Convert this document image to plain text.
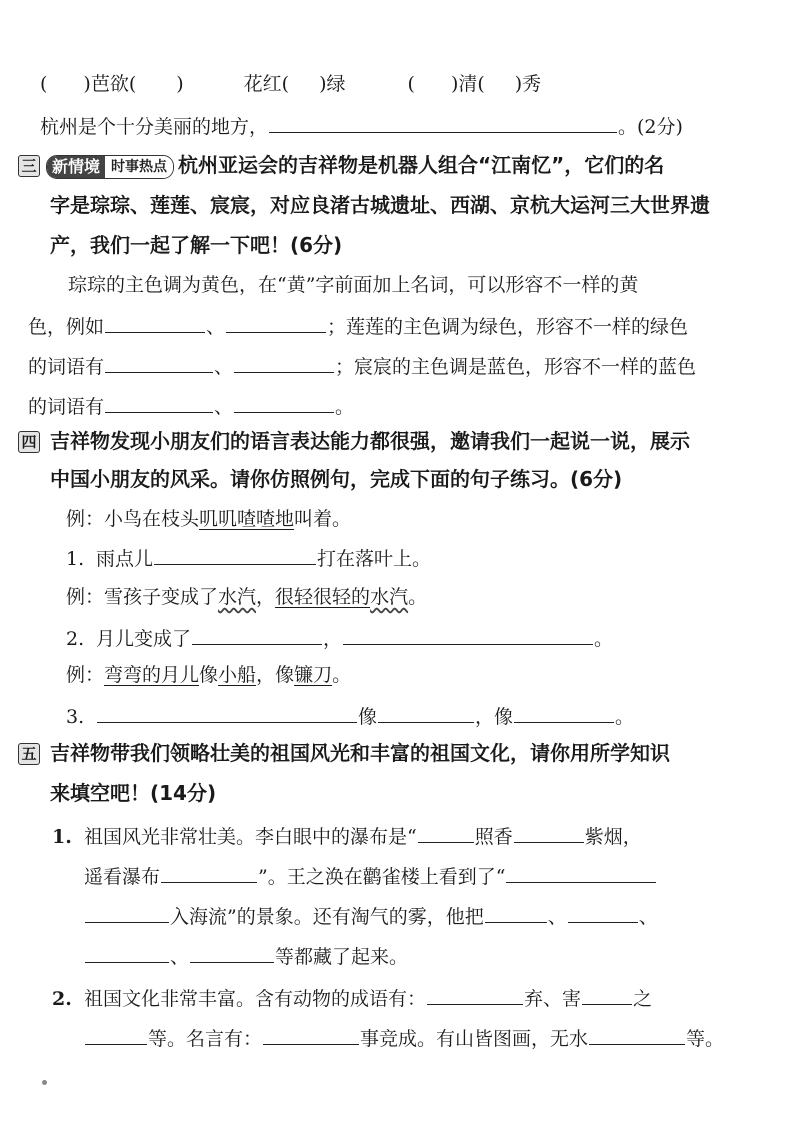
( )芭欲( )	花红( )绿	( )清( )秀
杭州是个十分美丽的地方，	。(2分)
三 新情境 时事热点 杭州亚运会的吉祥物是机器人组合“江南忆”，它们的名
字是琮琮、莲莲、宸宸，对应良渚古城遗址、西湖、京杭大运河三大世界遗
产，我们一起了解一下吧！(6分)
琮琮的主色调为黄色，在“黄”字前面加上名词，可以形容不一样的黄
色，例如	、	；莲莲的主色调为绿色，形容不一样的绿色
的词语有	、	；宸宸的主色调是蓝色，形容不一样的蓝色
的词语有	、	。
四 吉祥物发现小朋友们的语言表达能力都很强，邀请我们一起说一说，展示
中国小朋友的风采。请你仿照例句，完成下面的句子练习。(6分)
例：小鸟在枝头叽叽喳喳地叫着。
1. 雨点儿	打在落叶上。
例：雪孩子变成了水汽，很轻很轻的水汽。
2. 月儿变成了	，	。
例：弯弯的月儿像小船，像镰刀。
3.	像	，像	。
五 吉祥物带我们领略壮美的祖国风光和丰富的祖国文化，请你用所学知识
来填空吧！(14分)
1. 祖国风光非常壮美。李白眼中的瀑布是“	照香	紫烟，
遥看瀑布	”。王之涣在鹳雀楼上看到了“
入海流”的景象。还有淘气的雾，他把	、	、
、	等都藏了起来。
2. 祖国文化非常丰富。含有动物的成语有：	弃、害	之
等。名言有：	事竞成。有山皆图画，无水	等。
